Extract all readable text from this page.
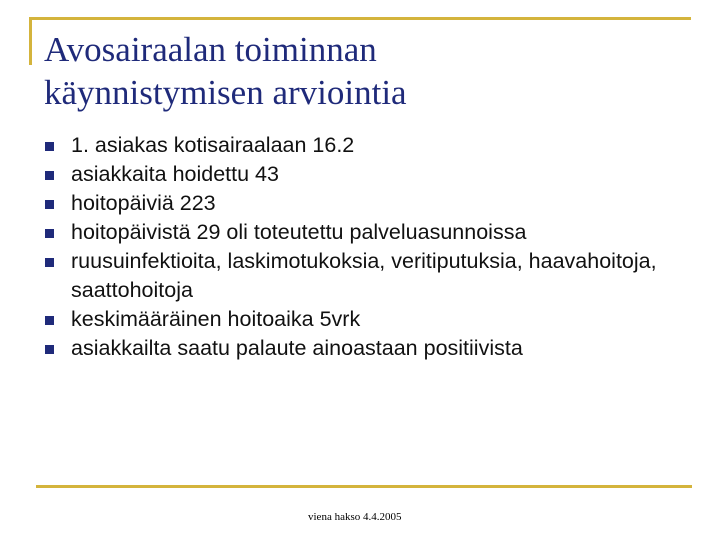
Avosairaalan toiminnan
käynnistymisen arviointia
1. asiakas kotisairaalaan 16.2
asiakkaita hoidettu 43
hoitopäiviä 223
hoitopäivistä 29 oli toteutettu palveluasunnoissa
ruusuinfektioita, laskimotukoksia, veritiputuksia, haavahoitoja, saattohoitoja
keskimääräinen hoitoaika 5vrk
asiakkailta saatu palaute ainoastaan positiivista
viena hakso 4.4.2005
